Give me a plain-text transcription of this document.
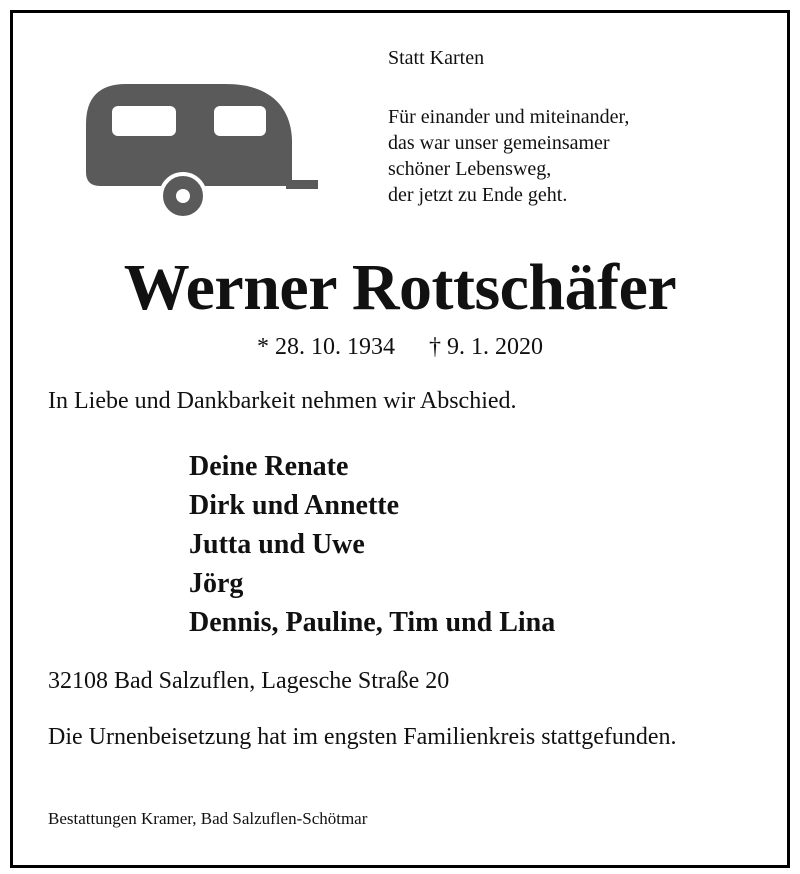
Statt Karten
Für einander und miteinander,
das war unser gemeinsamer
schöner Lebensweg,
der jetzt zu Ende geht.
Werner Rottschäfer
* 28. 10. 1934 † 9. 1. 2020
In Liebe und Dankbarkeit nehmen wir Abschied.
Deine Renate
Dirk und Annette
Jutta und Uwe
Jörg
Dennis, Pauline, Tim und Lina
32108 Bad Salzuflen, Lagesche Straße 20
Die Urnenbeisetzung hat im engsten Familienkreis stattgefunden.
Bestattungen Kramer, Bad Salzuflen-Schötmar
